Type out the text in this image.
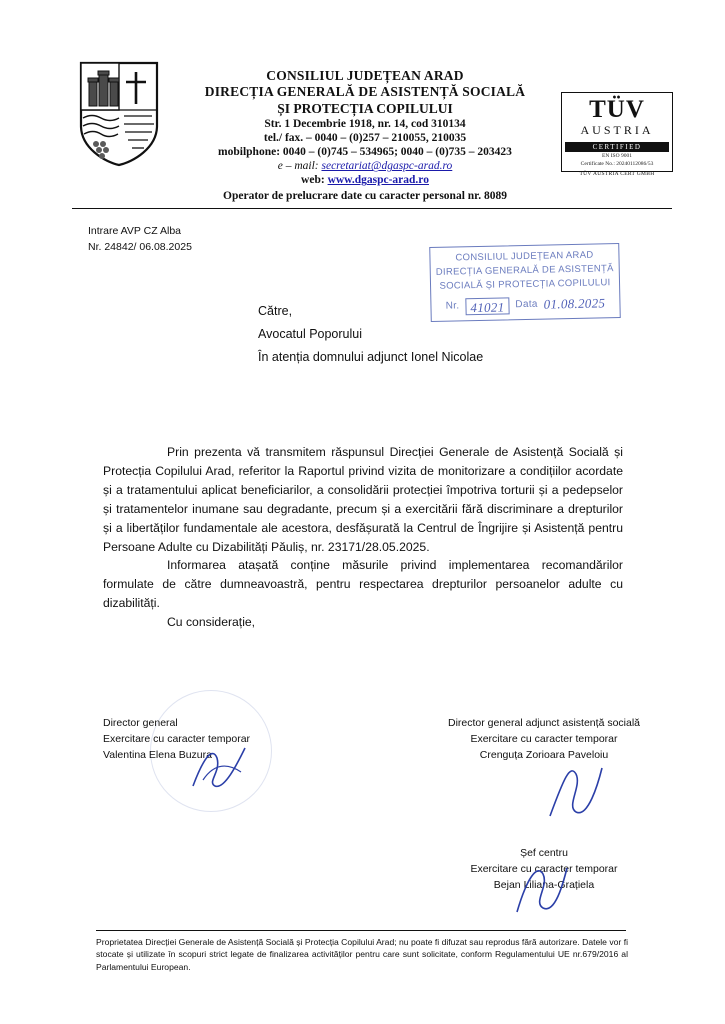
CONSILIUL JUDEȚEAN ARAD
DIRECȚIA GENERALĂ DE ASISTENȚĂ SOCIALĂ
ȘI PROTECȚIA COPILULUI
Str. 1 Decembrie 1918, nr. 14, cod 310134
tel./ fax. – 0040 – (0)257 – 210055, 210035
mobilphone: 0040 – (0)745 – 534965; 0040 – (0)735 – 203423
e – mail: secretariat@dgaspc-arad.ro
web: www.dgaspc-arad.ro
Operator de prelucrare date cu caracter personal nr. 8089
TÜV
AUSTRIA
CERTIFIED
EN ISO 9001
Certificate No.: 20240112086/53
TÜV AUSTRIA CERT GMBH
Intrare AVP CZ Alba
Nr. 24842/ 06.08.2025
CONSILIUL JUDEȚEAN ARAD
DIRECȚIA GENERALĂ DE ASISTENȚĂ
SOCIALĂ ȘI PROTECȚIA COPILULUI
Nr. 41021	Data 01.08.2025
Către,
Avocatul Poporului
În atenția domnului adjunct Ionel Nicolae

Prin prezenta vă transmitem răspunsul Direcției Generale de Asistență Socială și Protecția Copilului Arad, referitor la Raportul privind vizita de monitorizare a condițiilor acordate și a tratamentului aplicat beneficiarilor, a consolidării protecției împotriva torturii și a pedepselor și tratamentelor inumane sau degradante, precum și a exercitării fără discriminare a drepturilor și a libertăților fundamentale ale acestora, desfășurată la Centrul de Îngrijire și Asistență pentru Persoane Adulte cu Dizabilități Păuliș, nr. 23171/28.05.2025.

Informarea atașată conține măsurile privind implementarea recomandărilor formulate de către dumneavoastră, pentru respectarea drepturilor persoanelor adulte cu dizabilități.

Cu considerație,

Director general
Exercitare cu caracter temporar
Valentina Elena Buzura
Director general adjunct asistență socială
Exercitare cu caracter temporar
Crenguța Zorioara Paveloiu
Șef centru
Exercitare cu caracter temporar
Bejan Liliana-Grațiela
Proprietatea Direcției Generale de Asistență Socială și Protecția Copilului Arad; nu poate fi difuzat sau reprodus fără autorizare. Datele vor fi stocate și utilizate în scopuri strict legate de finalizarea activităților pentru care sunt solicitate, conform Regulamentului UE nr.679/2016 al Parlamentului European.
